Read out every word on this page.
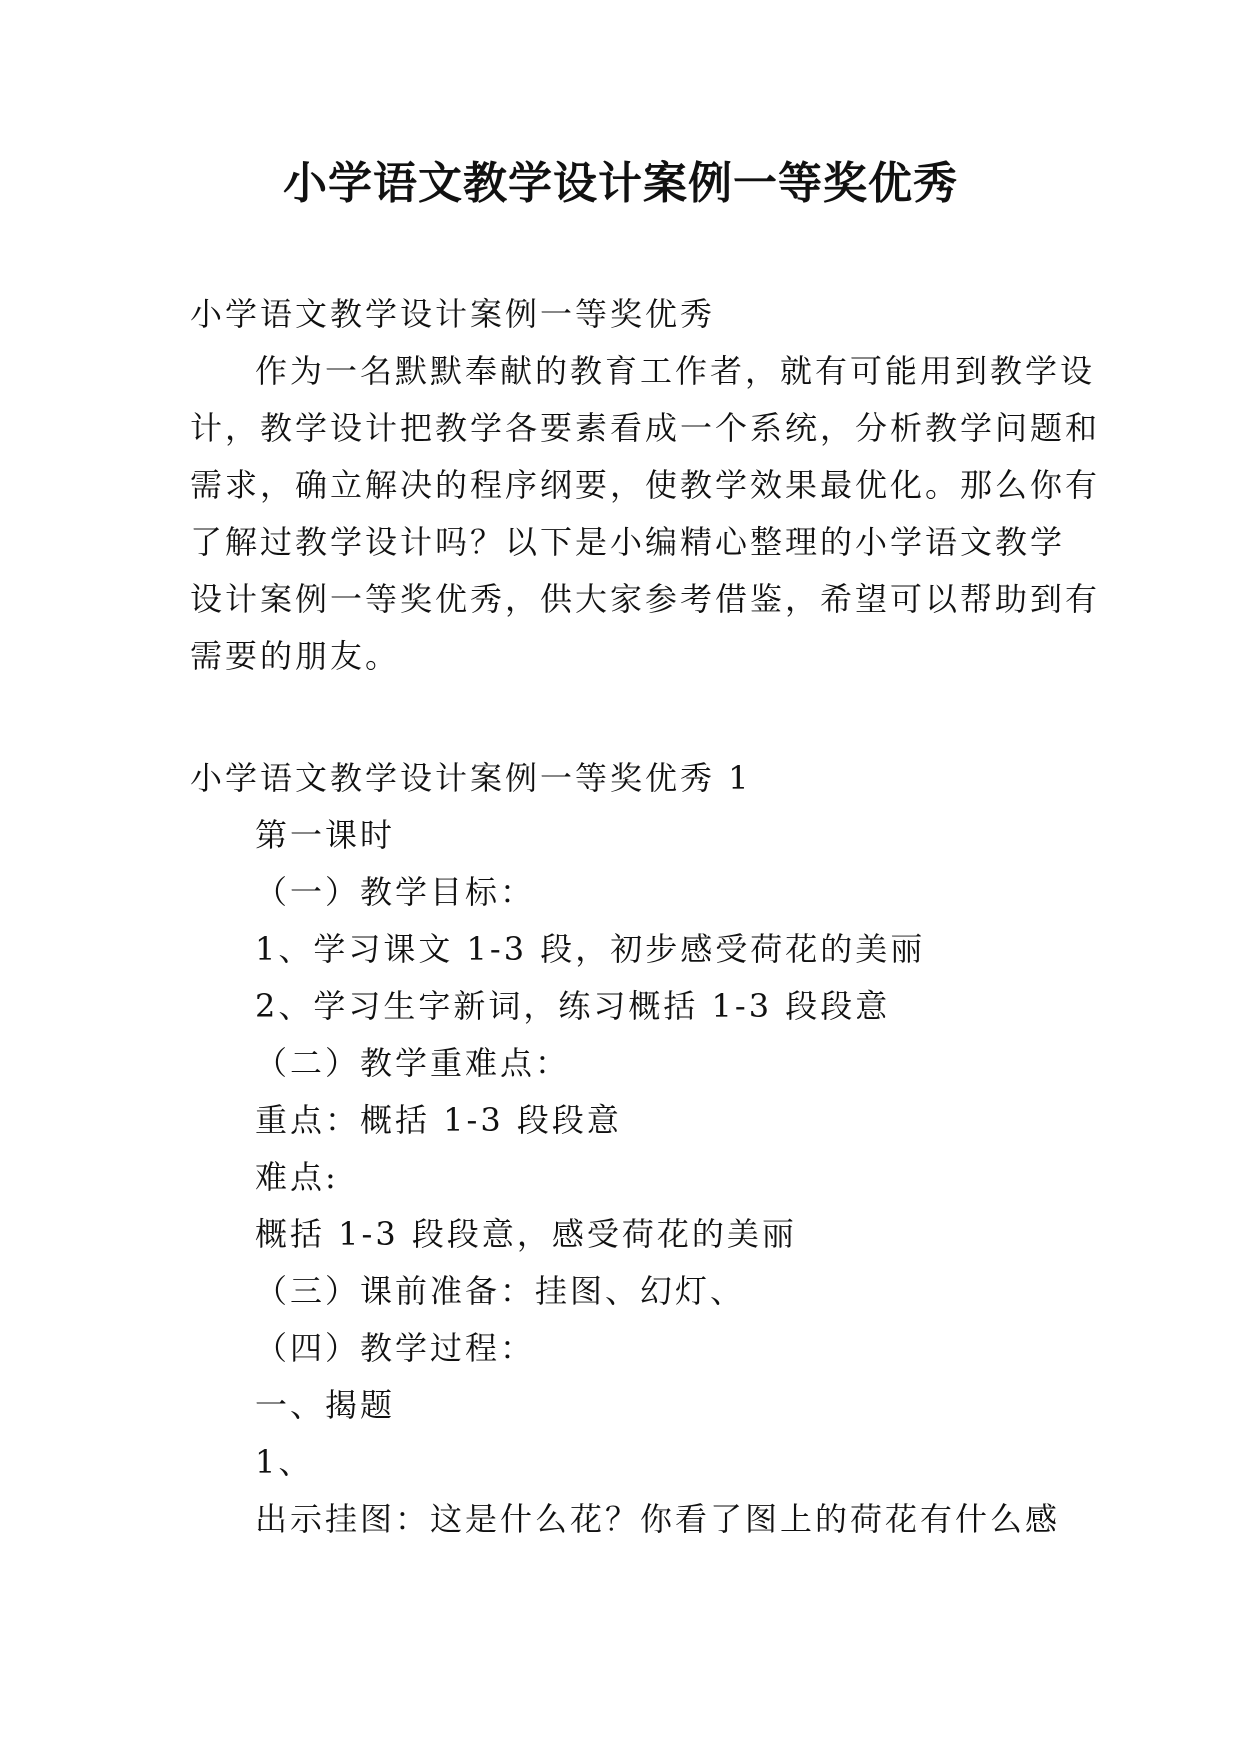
小学语文教学设计案例一等奖优秀

小学语文教学设计案例一等奖优秀

作为一名默默奉献的教育工作者，就有可能用到教学设

计，教学设计把教学各要素看成一个系统，分析教学问题和

需求，确立解决的程序纲要，使教学效果最优化。那么你有

了解过教学设计吗？以下是小编精心整理的小学语文教学

设计案例一等奖优秀，供大家参考借鉴，希望可以帮助到有

需要的朋友。

小学语文教学设计案例一等奖优秀 1

第一课时

（一）教学目标：

1、学习课文 1-3 段，初步感受荷花的美丽

2、学习生字新词，练习概括 1-3 段段意

（二）教学重难点：

重点：概括 1-3 段段意

难点:

概括 1-3 段段意，感受荷花的美丽

（三）课前准备：挂图、幻灯、

（四）教学过程：

一、揭题

1、

出示挂图：这是什么花？你看了图上的荷花有什么感
